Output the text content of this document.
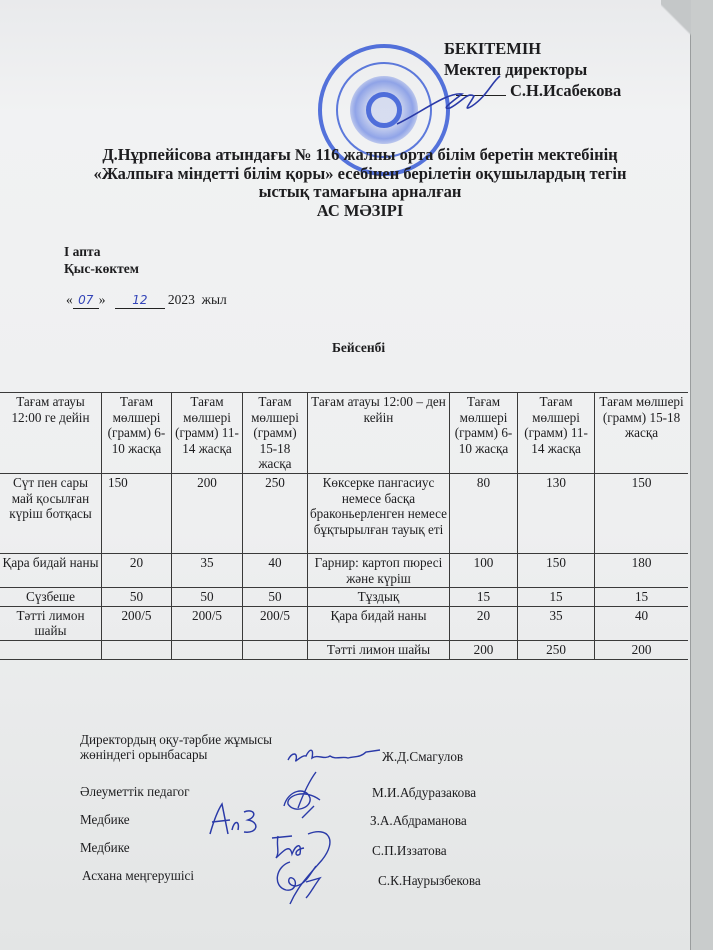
БЕКІТЕМІН
Мектеп директоры
С.Н.Исабекова
Д.Нұрпейісова атындағы № 116 жалпы орта білім беретін мектебінің
«Жалпыға міндетті білім қоры» есебінен берілетін оқушылардың тегін
ыстық тамағына арналған
АС МӘЗІРІ
І апта
Қыс-көктем
« 07 » 12 2023 жыл
Бейсенбі
Тағам атауы 12:00 ге дейін	Тағам мөлшері (грамм) 6-10 жасқа	Тағам мөлшері (грамм) 11-14 жасқа	Тағам мөлшері (грамм) 15-18 жасқа	Тағам атауы 12:00 – ден кейін	Тағам мөлшері (грамм) 6-10 жасқа	Тағам мөлшері (грамм) 11-14 жасқа	Тағам мөлшері (грамм) 15-18 жасқа
Сүт пен сары май қосылған күріш ботқасы	150	200	250	Көксерке пангасиус немесе басқа браконьерленген немесе бұқтырылған тауық еті	80	130	150
Қара бидай наны	20	35	40	Гарнир: картоп пюресі және күріш	100	150	180
Сүзбеше	50	50	50	Тұздық	15	15	15
Тәтті лимон шайы	200/5	200/5	200/5	Қара бидай наны	20	35	40
				Тәтті лимон шайы	200	250	200
Директордың оқу-тәрбие жұмысы жөніндегі орынбасары	Ж.Д.Смагулов
Әлеуметтік педагог	М.И.Абдуразакова
Медбике	З.А.Абдраманова
Медбике	С.П.Иззатова
Асхана меңгерушісі	С.К.Наурызбекова
